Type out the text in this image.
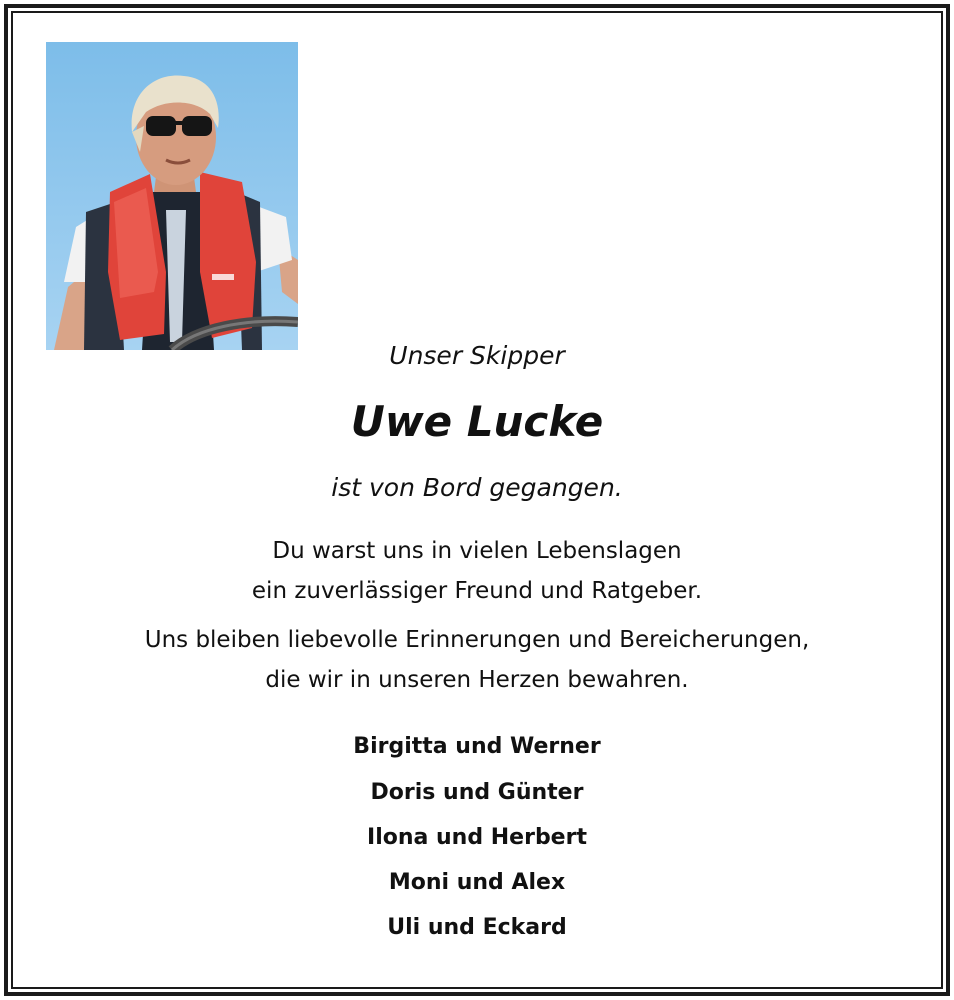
Unser Skipper
Uwe Lucke
ist von Bord gegangen.
Du warst uns in vielen Lebenslagen
ein zuverlässiger Freund und Ratgeber.
Uns bleiben liebevolle Erinnerungen und Bereicherungen,
die wir in unseren Herzen bewahren.
Birgitta und Werner
Doris und Günter
Ilona und Herbert
Moni und Alex
Uli und Eckard
